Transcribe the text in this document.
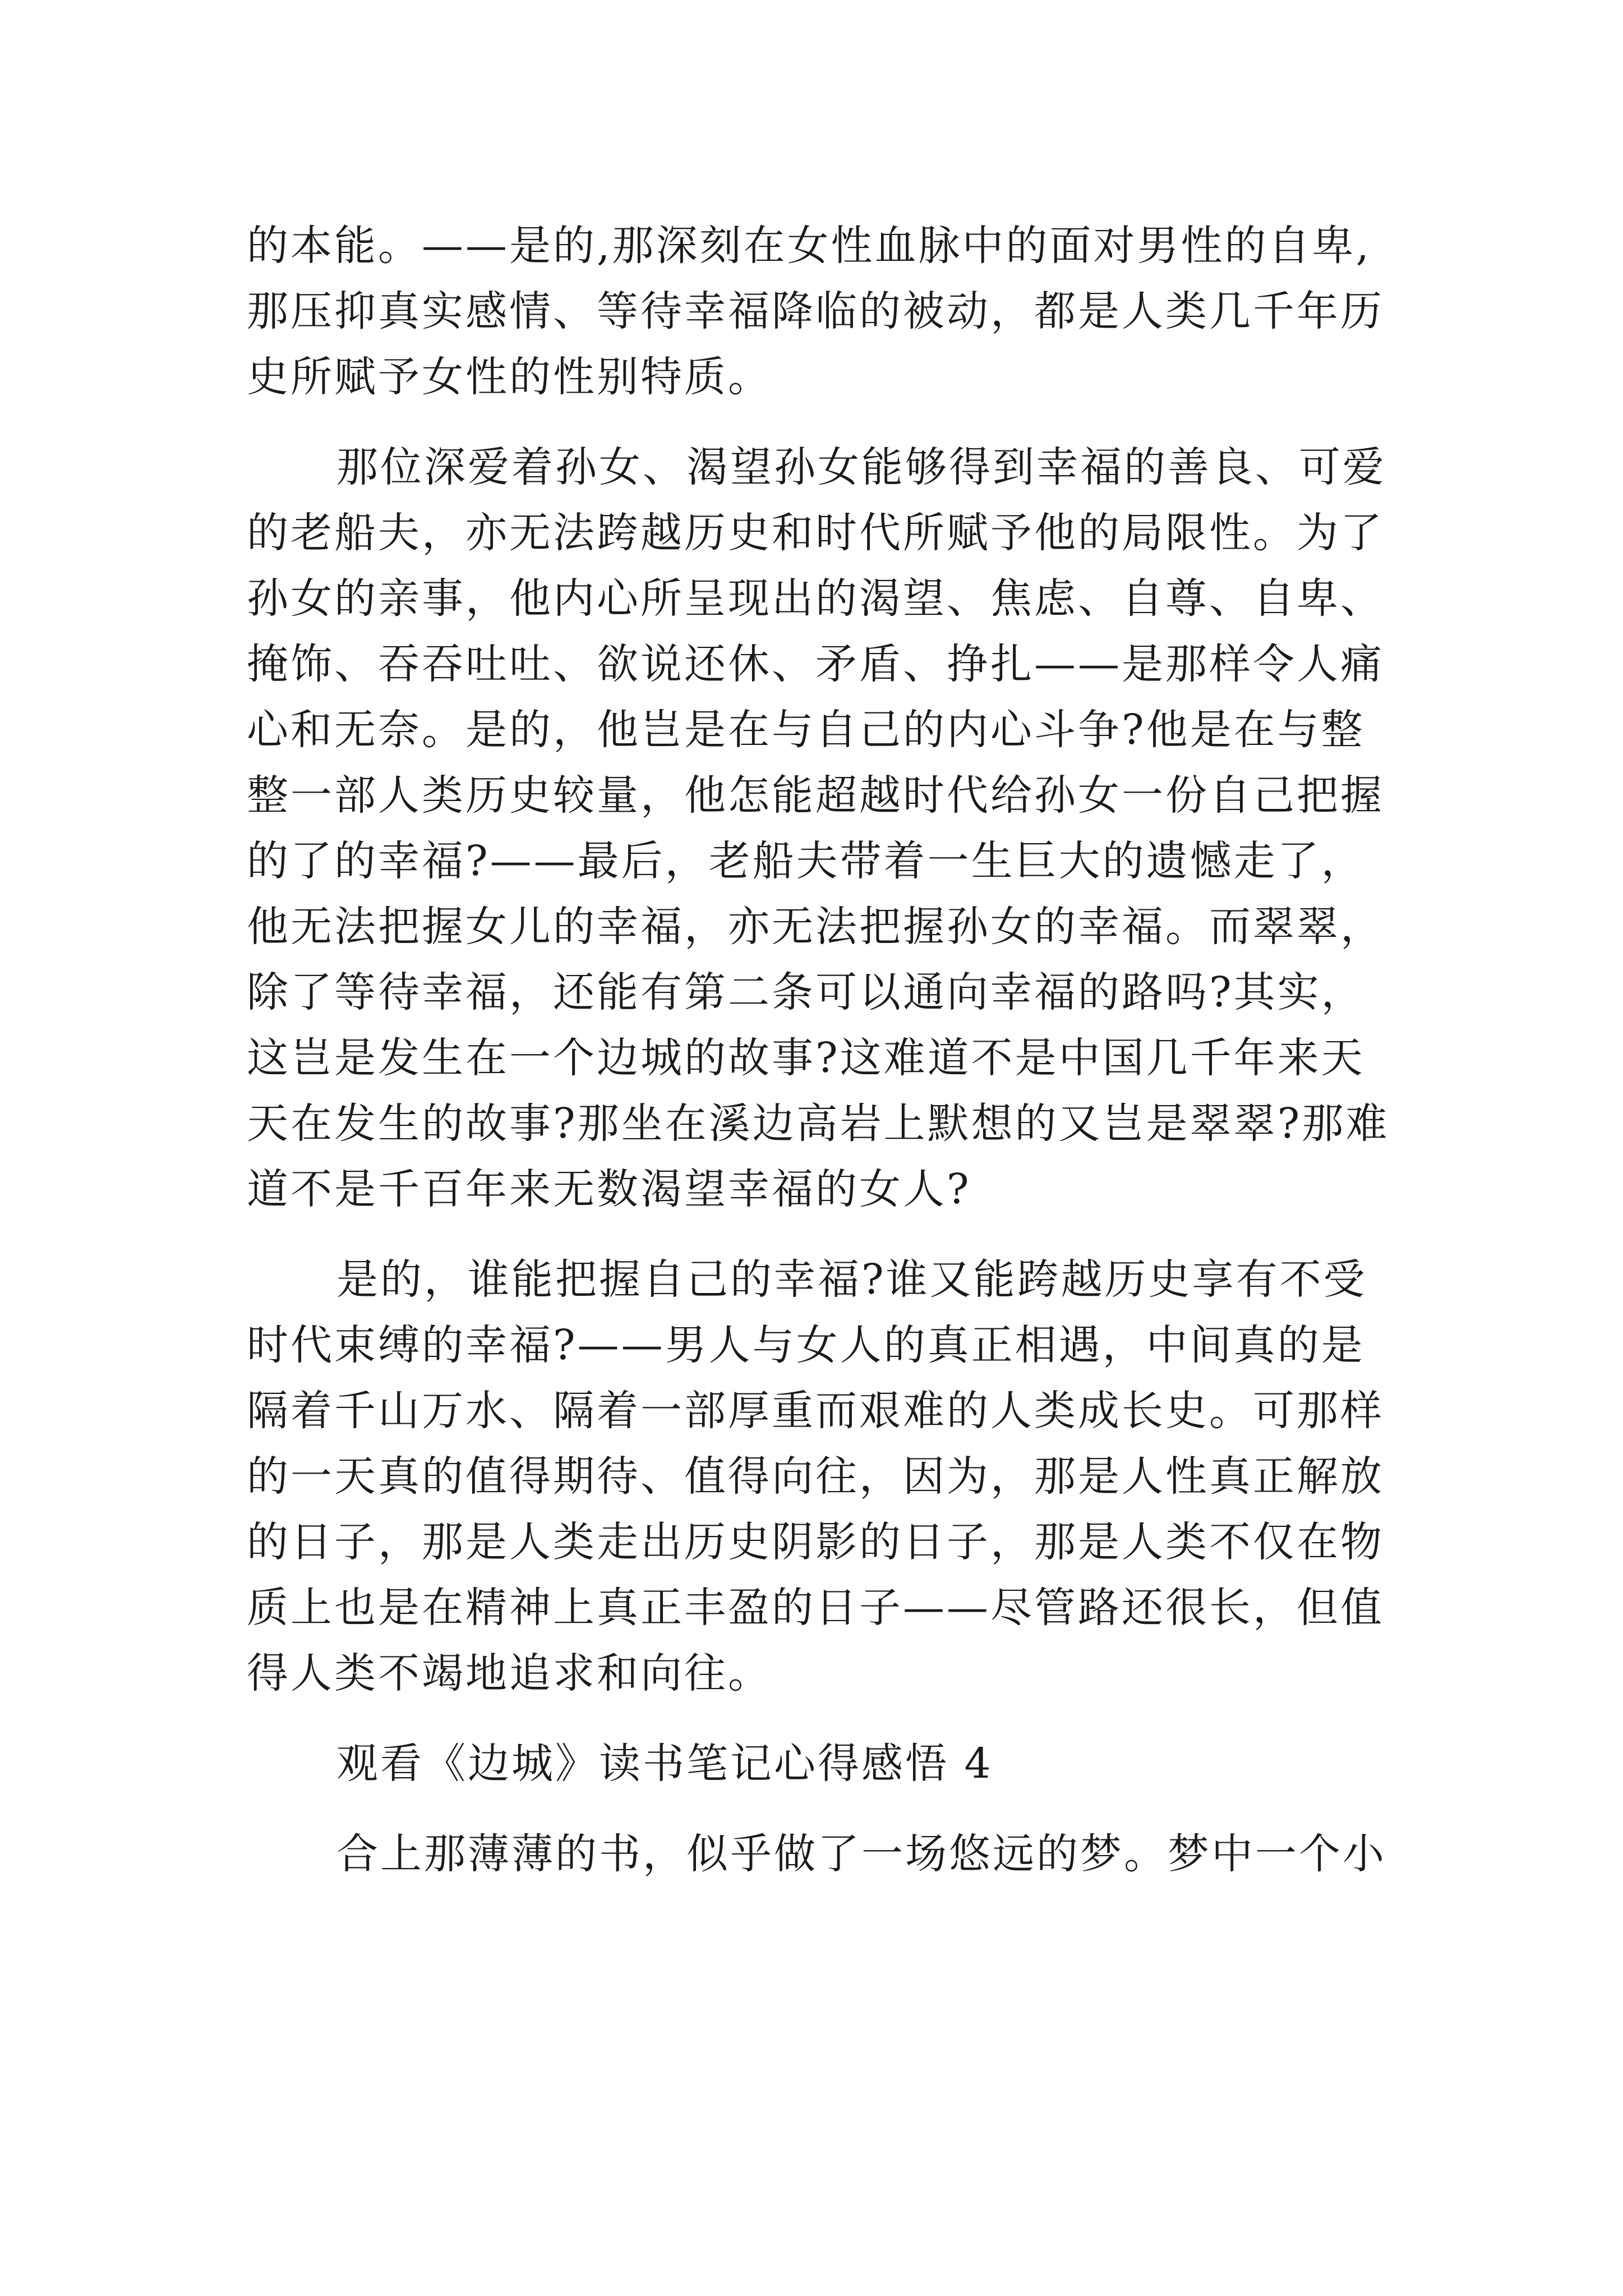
的本能。——是的,那深刻在女性血脉中的面对男性的自卑,
那压抑真实感情、等待幸福降临的被动，都是人类几千年历
史所赋予女性的性别特质。
那位深爱着孙女、渴望孙女能够得到幸福的善良、可爱
的老船夫，亦无法跨越历史和时代所赋予他的局限性。为了
孙女的亲事，他内心所呈现出的渴望、焦虑、自尊、自卑、
掩饰、吞吞吐吐、欲说还休、矛盾、挣扎——是那样令人痛
心和无奈。是的，他岂是在与自己的内心斗争?他是在与整
整一部人类历史较量，他怎能超越时代给孙女一份自己把握
的了的幸福?——最后，老船夫带着一生巨大的遗憾走了，
他无法把握女儿的幸福，亦无法把握孙女的幸福。而翠翠，
除了等待幸福，还能有第二条可以通向幸福的路吗?其实，
这岂是发生在一个边城的故事?这难道不是中国几千年来天
天在发生的故事?那坐在溪边高岩上默想的又岂是翠翠?那难
道不是千百年来无数渴望幸福的女人?
是的，谁能把握自己的幸福?谁又能跨越历史享有不受
时代束缚的幸福?——男人与女人的真正相遇，中间真的是
隔着千山万水、隔着一部厚重而艰难的人类成长史。可那样
的一天真的值得期待、值得向往，因为，那是人性真正解放
的日子，那是人类走出历史阴影的日子，那是人类不仅在物
质上也是在精神上真正丰盈的日子——尽管路还很长，但值
得人类不竭地追求和向往。
观看《边城》读书笔记心得感悟 4
合上那薄薄的书，似乎做了一场悠远的梦。梦中一个小
